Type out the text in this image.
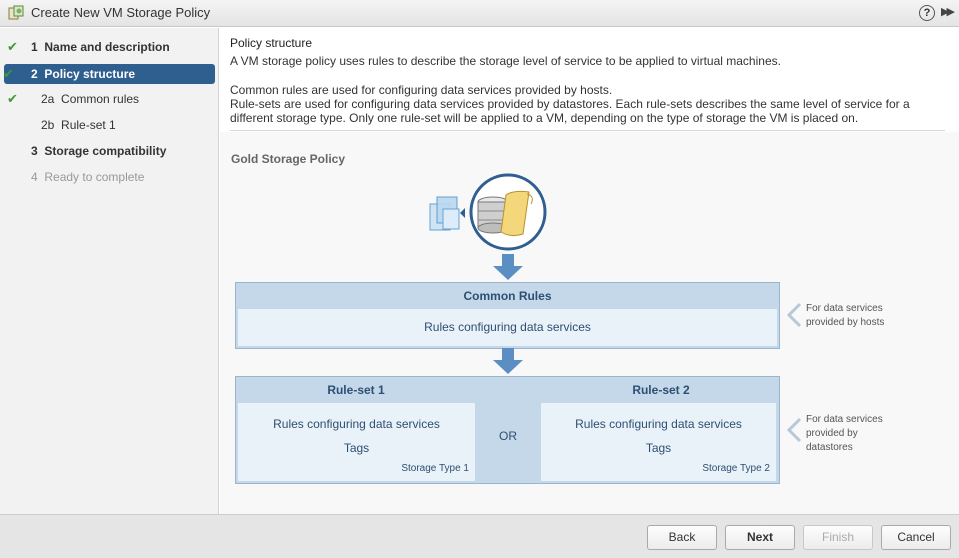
Create New VM Storage Policy	? ▶▶
✔ 1 Name and description
✔ 2 Policy structure
✔ 2a Common rules
2b Rule-set 1
3 Storage compatibility
4 Ready to complete
Policy structure
A VM storage policy uses rules to describe the storage level of service to be applied to virtual machines.
Common rules are used for configuring data services provided by hosts.
Rule-sets are used for configuring data services provided by datastores. Each rule-sets describes the same level of service for a
different storage type. Only one rule-set will be applied to a VM, depending on the type of storage the VM is placed on.
Gold Storage Policy
Common Rules
Rules configuring data services
For data services
provided by hosts
Rule-set 1	Rule-set 2
Rules configuring data services
Tags
Storage Type 1
OR
Rules configuring data services
Tags
Storage Type 2
For data services
provided by
datastores
Back	Next	Finish	Cancel
